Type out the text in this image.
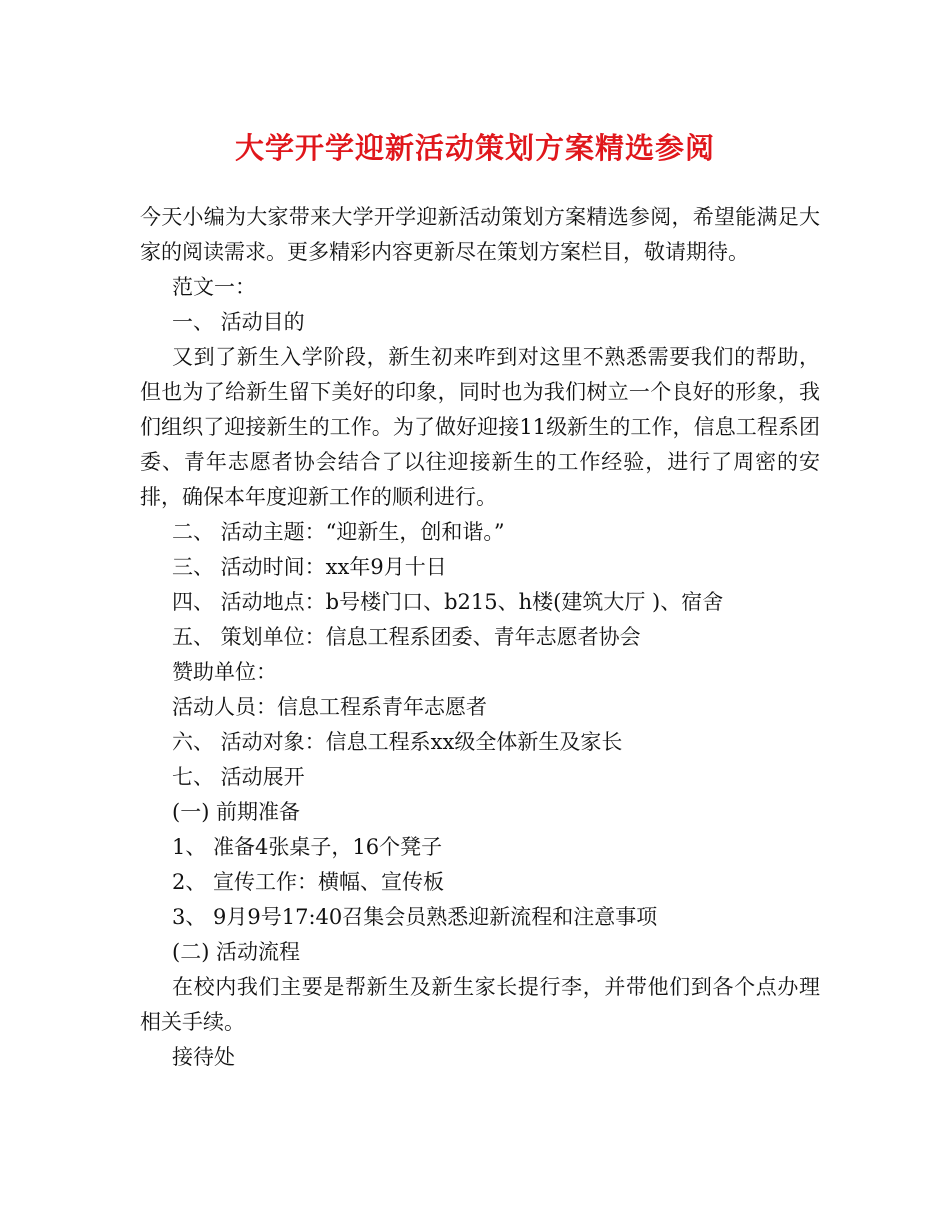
大学开学迎新活动策划方案精选参阅

今天小编为大家带来大学开学迎新活动策划方案精选参阅，希望能满足大家的阅读需求。更多精彩内容更新尽在策划方案栏目，敬请期待。

范文一：

一、 活动目的

又到了新生入学阶段，新生初来咋到对这里不熟悉需要我们的帮助，但也为了给新生留下美好的印象，同时也为我们树立一个良好的形象，我们组织了迎接新生的工作。为了做好迎接11级新生的工作，信息工程系团委、青年志愿者协会结合了以往迎接新生的工作经验，进行了周密的安排，确保本年度迎新工作的顺利进行。

二、 活动主题：“迎新生，创和谐。”

三、 活动时间：xx年9月十日

四、 活动地点：b号楼门口、b215、h楼(建筑大厅 )、宿舍

五、 策划单位：信息工程系团委、青年志愿者协会

赞助单位：

活动人员：信息工程系青年志愿者

六、 活动对象：信息工程系xx级全体新生及家长

七、 活动展开

(一) 前期准备

1、 准备4张桌子，16个凳子

2、 宣传工作：横幅、宣传板

3、 9月9号17:40召集会员熟悉迎新流程和注意事项

(二) 活动流程

在校内我们主要是帮新生及新生家长提行李，并带他们到各个点办理相关手续。

接待处
